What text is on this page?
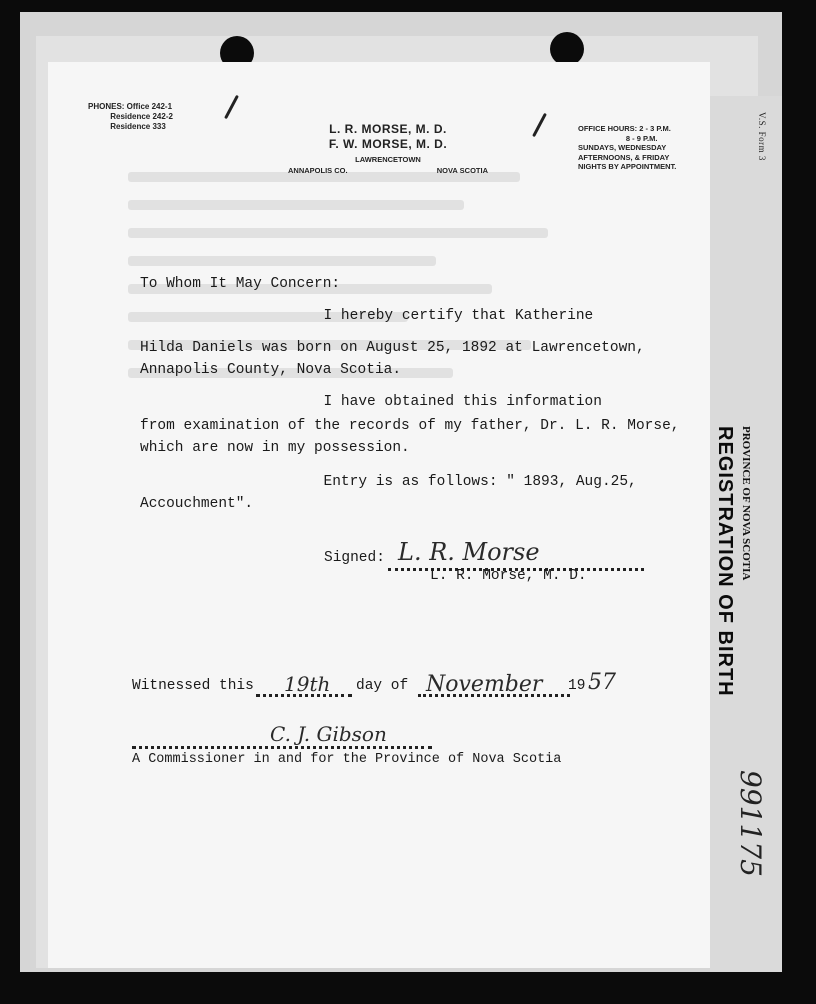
V.S. Form 3
PROVINCE OF NOVA SCOTIA
REGISTRATION OF BIRTH
991175
PHONES: Office 242-1
Residence 242-2
Residence 333	L. R. MORSE, M. D.
F. W. MORSE, M. D.
LAWRENCETOWN
ANNAPOLIS CO.	NOVA SCOTIA
OFFICE HOURS: 2 - 3 P.M.
8 - 9 P.M.
SUNDAYS, WEDNESDAY
AFTERNOONS, & FRIDAY
NIGHTS BY APPOINTMENT.
To Whom It May Concern:
I hereby certify that Katherine
Hilda Daniels was born on August 25, 1892 at Lawrencetown,
Annapolis County, Nova Scotia.
I have obtained this information
from examination of the records of my father, Dr. L. R. Morse,
which are now in my possession.
Entry is as follows: " 1893, Aug.25,
Accouchment".
Signed: L. R. Morse
L. R. Morse, M. D.
Witnessed this 19th day of November 19 57
C. J. Gibson
A Commissioner in and for the Province of Nova Scotia
